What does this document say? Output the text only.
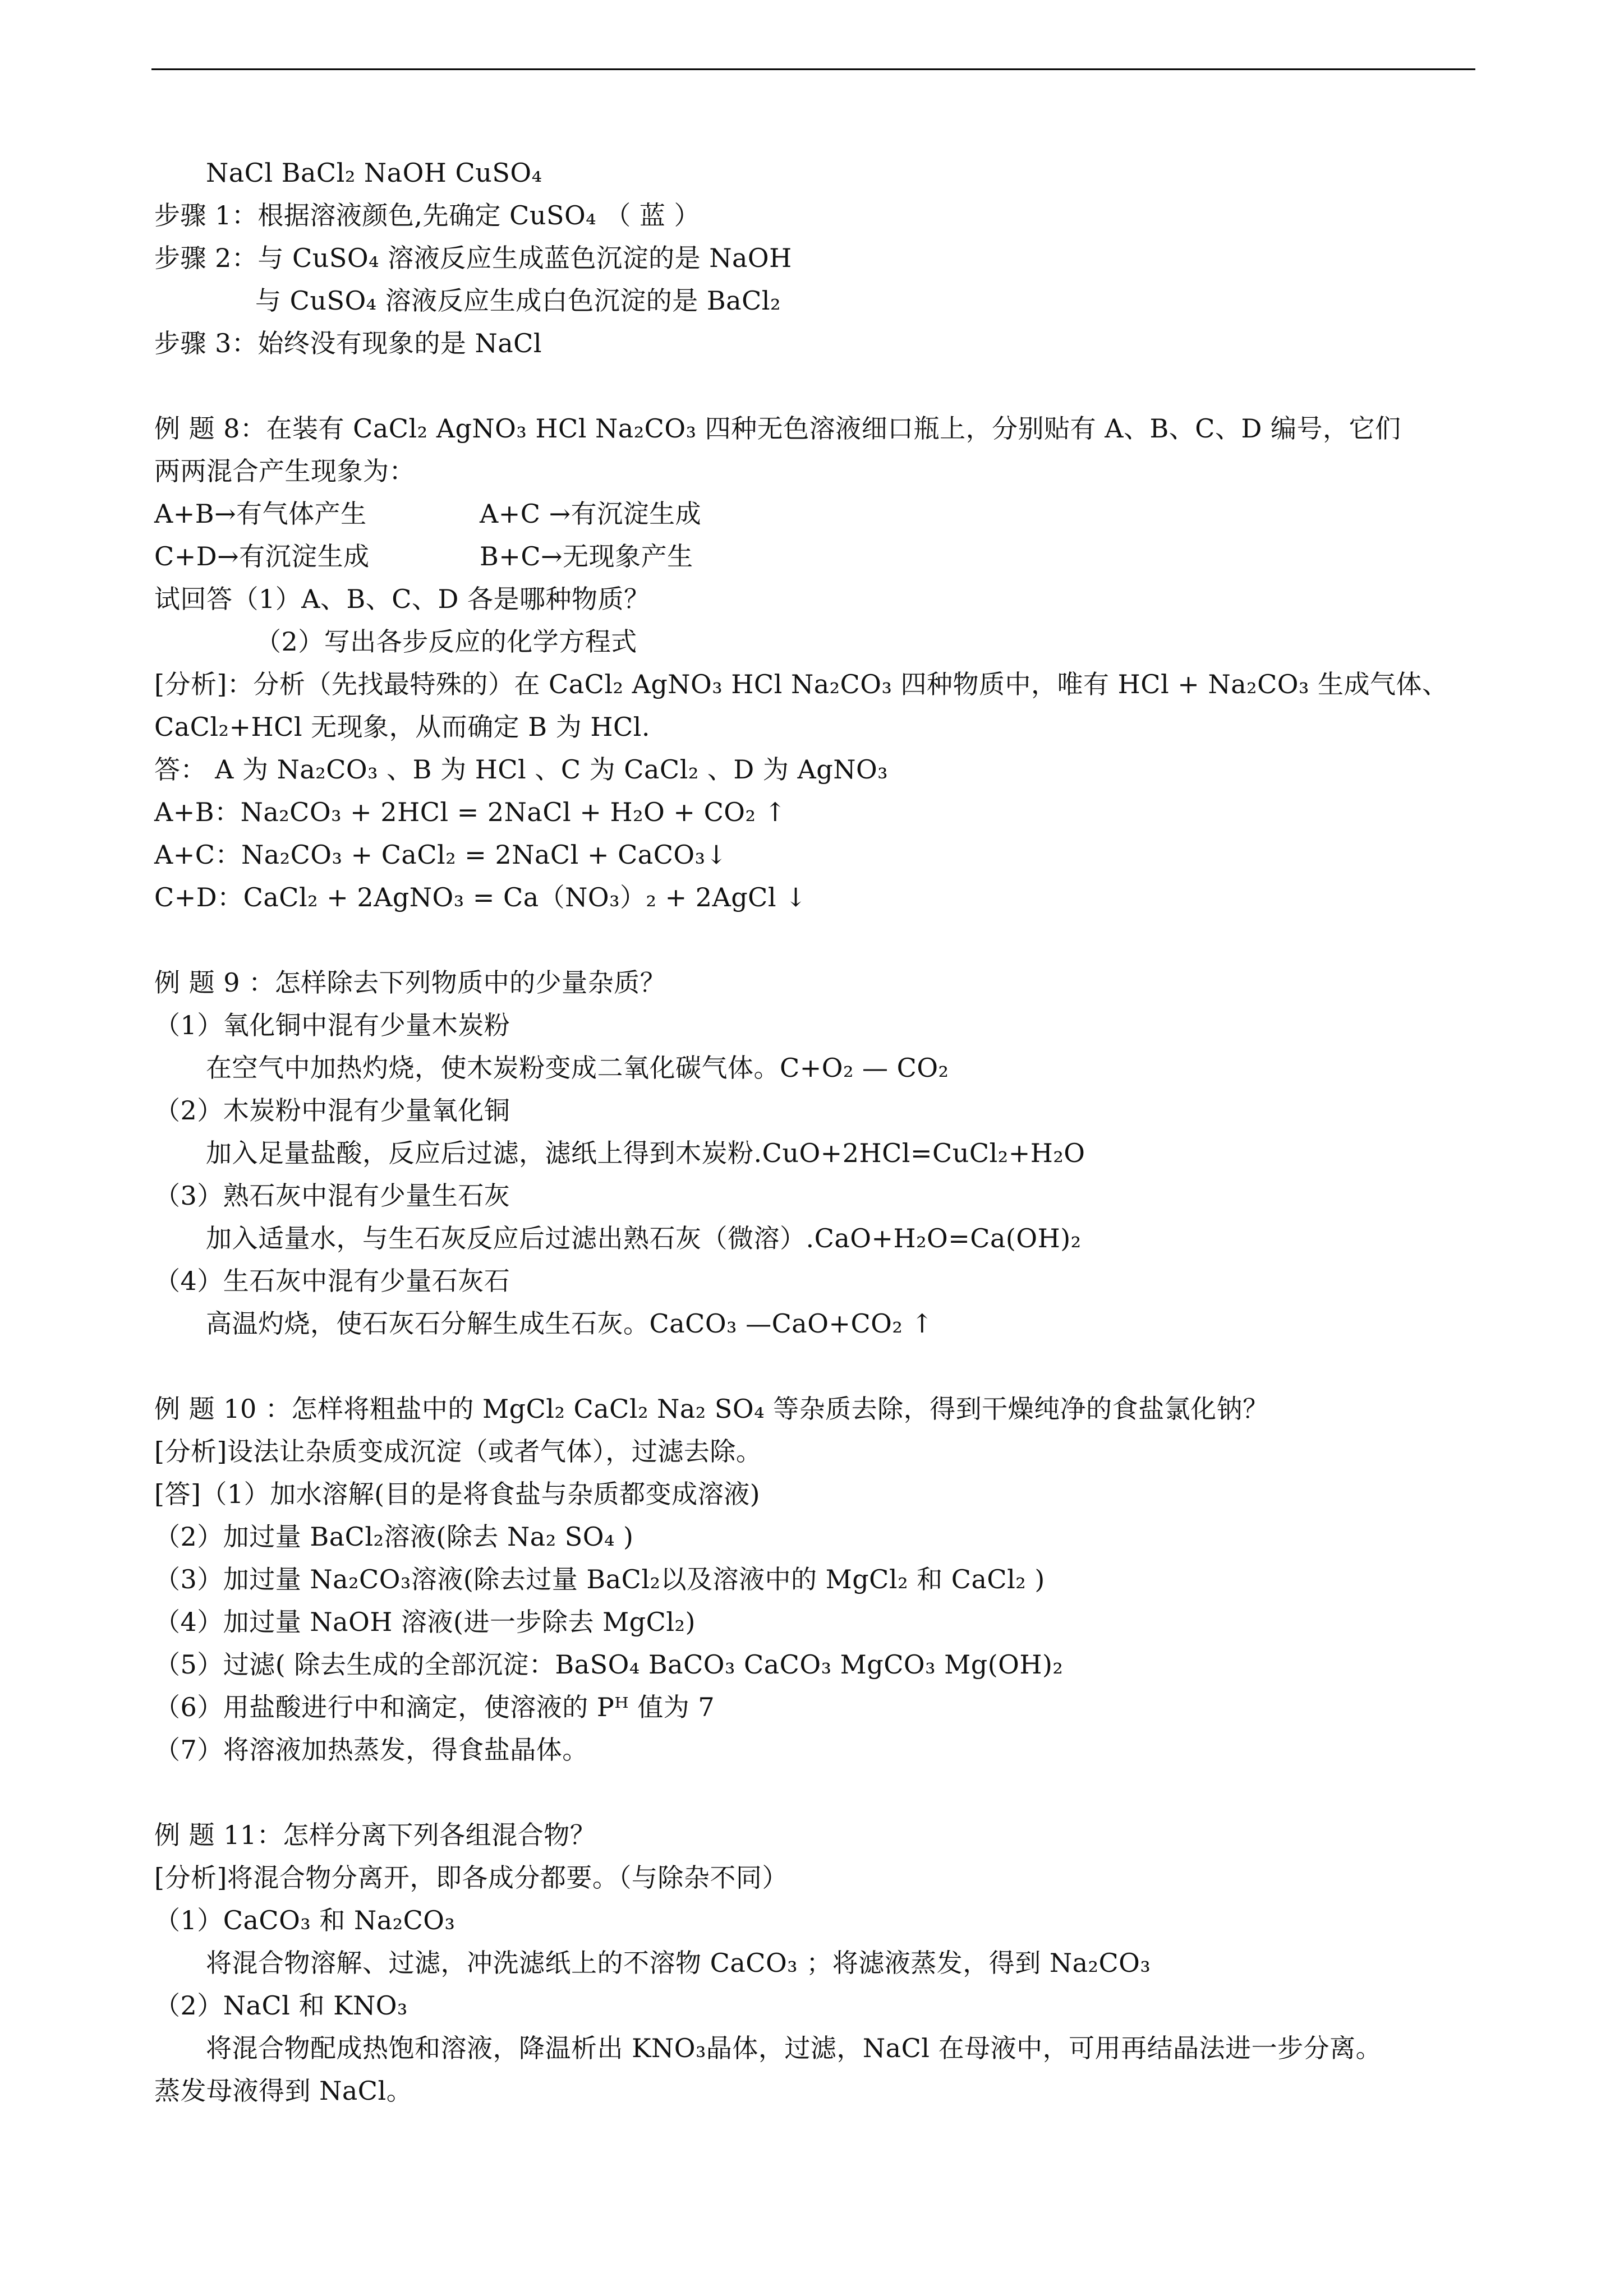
NaCl BaCl₂ NaOH CuSO₄
步骤 1：根据溶液颜色,先确定 CuSO₄ （ 蓝 ）
步骤 2：与 CuSO₄ 溶液反应生成蓝色沉淀的是 NaOH
与 CuSO₄ 溶液反应生成白色沉淀的是 BaCl₂
步骤 3：始终没有现象的是 NaCl
例 题 8：在装有 CaCl₂ AgNO₃ HCl Na₂CO₃ 四种无色溶液细口瓶上，分别贴有 A、B、C、D 编号，它们
两两混合产生现象为：
A+B→有气体产生	A+C →有沉淀生成
C+D→有沉淀生成	B+C→无现象产生
试回答（1）A、B、C、D 各是哪种物质？
（2）写出各步反应的化学方程式
[分析]：分析（先找最特殊的）在 CaCl₂ AgNO₃ HCl Na₂CO₃ 四种物质中，唯有 HCl + Na₂CO₃ 生成气体、
CaCl₂+HCl 无现象，从而确定 B 为 HCl.
答： A 为 Na₂CO₃ 、B 为 HCl 、C 为 CaCl₂ 、D 为 AgNO₃
A+B：Na₂CO₃ + 2HCl = 2NaCl + H₂O + CO₂ ↑
A+C：Na₂CO₃ + CaCl₂ = 2NaCl + CaCO₃↓
C+D：CaCl₂ + 2AgNO₃ = Ca（NO₃）₂ + 2AgCl ↓
例 题 9 ：怎样除去下列物质中的少量杂质？
（1）氧化铜中混有少量木炭粉
在空气中加热灼烧，使木炭粉变成二氧化碳气体。C+O₂ — CO₂
（2）木炭粉中混有少量氧化铜
加入足量盐酸，反应后过滤，滤纸上得到木炭粉.CuO+2HCl=CuCl₂+H₂O
（3）熟石灰中混有少量生石灰
加入适量水，与生石灰反应后过滤出熟石灰（微溶）.CaO+H₂O=Ca(OH)₂
（4）生石灰中混有少量石灰石
高温灼烧，使石灰石分解生成生石灰。CaCO₃ —CaO+CO₂ ↑
例 题 10 ：怎样将粗盐中的 MgCl₂ CaCl₂ Na₂ SO₄ 等杂质去除，得到干燥纯净的食盐氯化钠？
[分析]设法让杂质变成沉淀（或者气体），过滤去除。
[答]（1）加水溶解(目的是将食盐与杂质都变成溶液)
（2）加过量 BaCl₂溶液(除去 Na₂ SO₄ )
（3）加过量 Na₂CO₃溶液(除去过量 BaCl₂以及溶液中的 MgCl₂ 和 CaCl₂ )
（4）加过量 NaOH 溶液(进一步除去 MgCl₂)
（5）过滤( 除去生成的全部沉淀：BaSO₄ BaCO₃ CaCO₃ MgCO₃ Mg(OH)₂
（6）用盐酸进行中和滴定，使溶液的 Pᴴ 值为 7
（7）将溶液加热蒸发，得食盐晶体。
例 题 11：怎样分离下列各组混合物？
[分析]将混合物分离开，即各成分都要。（与除杂不同）
（1）CaCO₃ 和 Na₂CO₃
将混合物溶解、过滤，冲洗滤纸上的不溶物 CaCO₃ ；将滤液蒸发，得到 Na₂CO₃
（2）NaCl 和 KNO₃
将混合物配成热饱和溶液，降温析出 KNO₃晶体，过滤，NaCl 在母液中，可用再结晶法进一步分离。
蒸发母液得到 NaCl。
